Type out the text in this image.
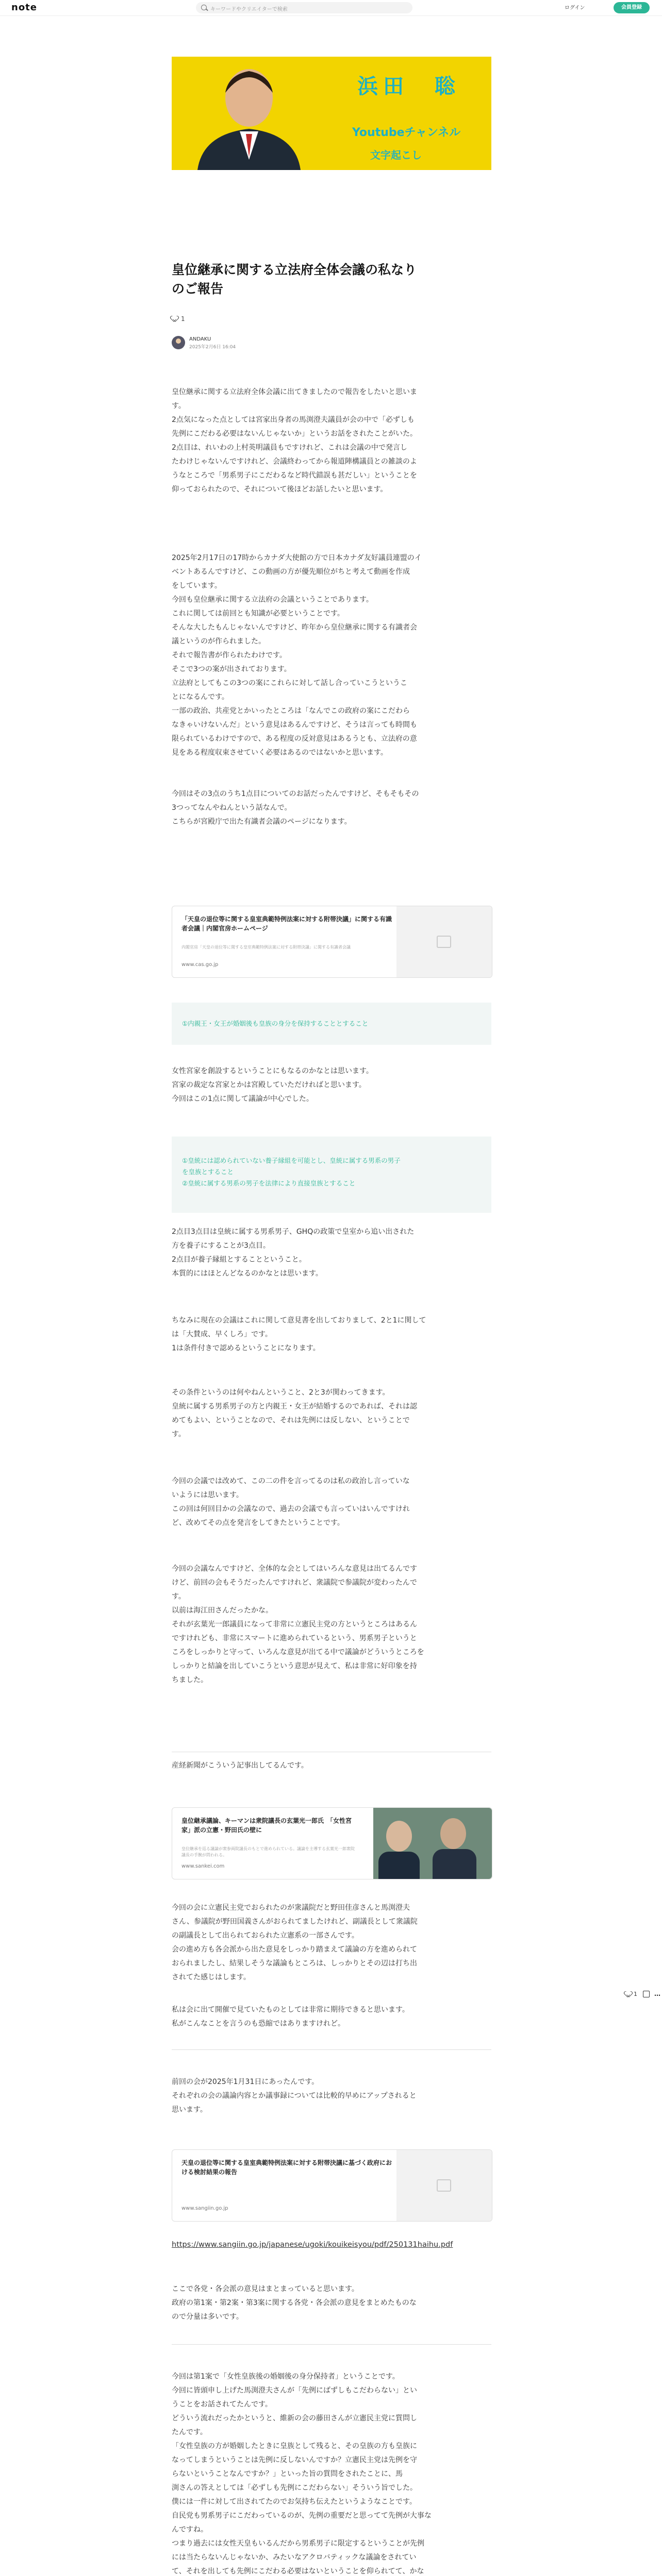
note	キーワードやクリエイターで検索	ログイン	会員登録
浜田　聡
Youtubeチャンネル
文字起こし
皇位継承に関する立法府全体会議の私なり
のご報告
1
ANDAKU
2025年2月6日 16:04

皇位継承に関する立法府全体会議に出てきましたので報告をしたいと思いま

す。

2点気になった点としては宮家出身者の馬渕澄夫議員が会の中で「必ずしも

先例にこだわる必要はないんじゃないか」というお話をされたことがいた。

2点目は、れいわの上村英明議員もですけれど、これは会議の中で発言し

たわけじゃないんですけれど、会議終わってから報道陣構議員との雑談のよ

うなところで「男系男子にこだわるなど時代錯誤も甚だしい」ということを

仰っておられたので、それについて後ほどお話したいと思います。

2025年2月17日の17時からカナダ大使館の方で日本カナダ友好議員連盟のイ

ベントあるんですけど、この動画の方が優先順位がちと考えて動画を作成

をしています。

今回も皇位継承に関する立法府の会議ということであります。

これに関しては前回とも知識が必要ということです。

そんな大したもんじゃないんですけど、昨年から皇位継承に関する有識者会

議というのが作られました。

それで報告書が作られたわけです。

そこで3つの案が出されております。

立法府としてもこの3つの案にこれらに対して話し合っていこうというこ

とになるんです。

一部の政治、共産党とかいったところは「なんでこの政府の案にこだわら

なきゃいけないんだ」という意見はあるんですけど、そうは言っても時間も

限られているわけですので、ある程度の反対意見はあるうとも、立法府の意

見をある程度収束させていく必要はあるのではないかと思います。

今回はその3点のうち1点目についてのお話だったんですけど、そもそもその

3つってなんやねんという話なんで。

こちらが宮殿庁で出た有識者会議のページになります。

「天皇の退位等に関する皇室典範特例法案に対する附帯決議」に関する有識者会議｜内閣官房ホームページ
内閣官房「天皇の退位等に関する皇室典範特例法案に対する附帯決議」に関する有識者会議
www.cas.go.jp

①内親王・女王が婚姻後も皇族の身分を保持することとすること

女性宮家を創設するということにもなるのかなとは思います。

宮家の裁定な宮家とかは宮殿していただければと思います。

今回はこの1点に関して議論が中心でした。

①皇統には認められていない養子縁組を可能とし、皇統に属する男系の男子

を皇族とすること

②皇統に属する男系の男子を法律により直接皇族とすること

2点目3点目は皇統に属する男系男子、GHQの政策で皇室から追い出された

方を養子にすることが3点目。

2点目が養子縁組とすることということ。

本質的にはほとんどなるのかなとは思います。

ちなみに現在の会議はこれに関して意見書を出しておりまして、2と1に関して

は「大賛成、早くしろ」です。

1は条件付きで認めるということになります。

その条件というのは何やねんということ、2と3が関わってきます。

皇統に属する男系男子の方と内親王・女王が結婚するのであれば、それは認

めてもよい、ということなので、それは先例には反しない、ということで

す。

今回の会議では改めて、この二の件を言ってるのは私の政治し言っていな

いようには思います。

この回は何回目かの会議なので、過去の会議でも言っていはいんですけれ

ど、改めてその点を発言をしてきたということです。

今回の会議なんですけど、全体的な会としてはいろんな意見は出てるんです

けど、前回の会もそうだったんですけれど、衆議院で参議院が変わったんで

す。

以前は海江田さんだったかな。

それが玄葉光一郎議員になって非常に立憲民主党の方というところはあるん

ですけれども、非常にスマートに進められているという、男系男子というと

ころをしっかりと守って、いろんな意見が出てる中で議論がどういうところを

しっかりと結論を出していこうという意思が見えて、私は非常に好印象を持

ちました。

産経新聞がこういう記事出してるんです。

皇位継承議論、キーマンは衆院議長の玄葉光一郎氏　「女性宮家」派の立憲・野田氏の壁に
皇位継承を巡る議論が衆参両院議長のもとで進められている。議論を主導する玄葉光一郎衆院議長の手腕が問われる。
www.sankei.com

今回の会に立憲民主党でおられたのが衆議院だと野田佳彦さんと馬渕澄夫

さん、参議院が野田国義さんがおられてましたけれど、副議長として衆議院

の副議長として出られておられた立憲系の一部さんです。

会の進め方も各会派から出た意見をしっかり踏まえて議論の方を進められて

おられましたし、結果しそうな議論もところは、しっかりとその辺は打ち出

されてた感じはします。

私は会に出て開催で見ていたものとしては非常に期待できると思います。

私がこんなことを言うのも恐縮ではありますけれど。

前回の会が2025年1月31日にあったんです。

それぞれの会の議論内容とか議事録については比較的早めにアップされると

思います。

天皇の退位等に関する皇室典範特例法案に対する附帯決議に基づく政府における検討結果の報告
www.sangiin.go.jp
https://www.sangiin.go.jp/japanese/ugoki/kouikeisyou/pdf/250131haihu.pdf

ここで各党・各会派の意見はまとまっていると思います。

政府の第1案・第2案・第3案に関する各党・各会派の意見をまとめたものな

ので分量は多いです。

今回は第1案で「女性皇族後の婚姻後の身分保持者」ということです。

今回に皆頭申し上げた馬渕澄夫さんが「先例にばずしもこだわらない」とい

うことをお話されてたんです。

どういう流れだったかというと、維新の会の藤田さんが立憲民主党に質問し

たんです。

「女性皇族の方が婚姻したときに皇族として残ると、その皇族の方も皇族に

なってしまうということは先例に反しないんですか？立憲民主党は先例を守

らないということなんですか？」といった旨の質問をされたことに、馬

渕さんの答えとしては「必ずしも先例にこだわらない」そういう旨でした。

僕には一件に対して出されてたのでお気持ち伝えたというようなことです。

自民党も男系男子にこだわっているのが、先例の重要だと思ってて先例が大事な

んですね。

つまり過去には女性天皇もいるんだから男系男子に限定するということが先例

には当たらないんじゃないか、みたいなアクロバティックな議論をされてい

て、それを出しても先例にこだわる必要はないということを仰られてて、かな

1	…
